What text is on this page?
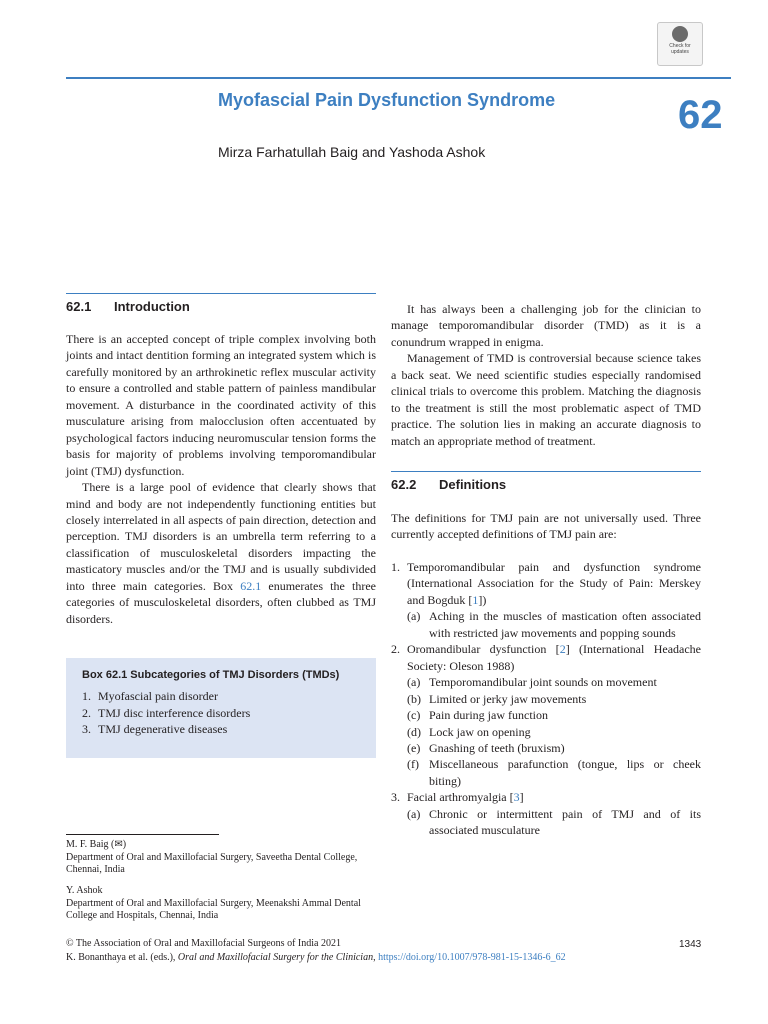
Check for
updates
Myofascial Pain Dysfunction Syndrome	62
Mirza Farhatullah Baig and Yashoda Ashok
62.1 Introduction

There is an accepted concept of triple complex involving both joints and intact dentition forming an integrated system which is carefully monitored by an arthrokinetic reflex muscular activity to ensure a controlled and stable pattern of painless mandibular movement. A disturbance in the coordinated activity of this musculature arising from malocclusion often accentuated by psychological factors inducing neuromuscular tension forms the basis for majority of problems involving temporomandibular joint (TMJ) dysfunction.

There is a large pool of evidence that clearly shows that mind and body are not independently functioning entities but closely interrelated in all aspects of pain direction, detection and perception. TMJ disorders is an umbrella term referring to a classification of musculoskeletal disorders impacting the masticatory muscles and/or the TMJ and is usually subdivided into three main categories. Box 62.1 enumerates the three categories of musculoskeletal disorders, often clubbed as TMJ disorders.

Box 62.1 Subcategories of TMJ Disorders (TMDs)
1. Myofascial pain disorder
2. TMJ disc interference disorders
3. TMJ degenerative diseases
M. F. Baig (✉)
Department of Oral and Maxillofacial Surgery, Saveetha Dental College, Chennai, India
Y. Ashok
Department of Oral and Maxillofacial Surgery, Meenakshi Ammal Dental College and Hospitals, Chennai, India

It has always been a challenging job for the clinician to manage temporomandibular disorder (TMD) as it is a conundrum wrapped in enigma.

Management of TMD is controversial because science takes a back seat. We need scientific studies especially randomised clinical trials to overcome this problem. Matching the diagnosis to the treatment is still the most problematic aspect of TMD practice. The solution lies in making an accurate diagnosis to match an appropriate method of treatment.

62.2 Definitions
The definitions for TMJ pain are not universally used. Three currently accepted definitions of TMJ pain are:
1. Temporomandibular pain and dysfunction syndrome (International Association for the Study of Pain: Merskey and Bogduk [1])
(a) Aching in the muscles of mastication often associated with restricted jaw movements and popping sounds
2. Oromandibular dysfunction [2] (International Headache Society: Oleson 1988)
(a) Temporomandibular joint sounds on movement
(b) Limited or jerky jaw movements
(c) Pain during jaw function
(d) Lock jaw on opening
(e) Gnashing of teeth (bruxism)
(f) Miscellaneous parafunction (tongue, lips or cheek biting)
3. Facial arthromyalgia [3]
(a) Chronic or intermittent pain of TMJ and of its associated musculature
© The Association of Oral and Maxillofacial Surgeons of India 2021	1343
K. Bonanthaya et al. (eds.), Oral and Maxillofacial Surgery for the Clinician, https://doi.org/10.1007/978-981-15-1346-6_62
